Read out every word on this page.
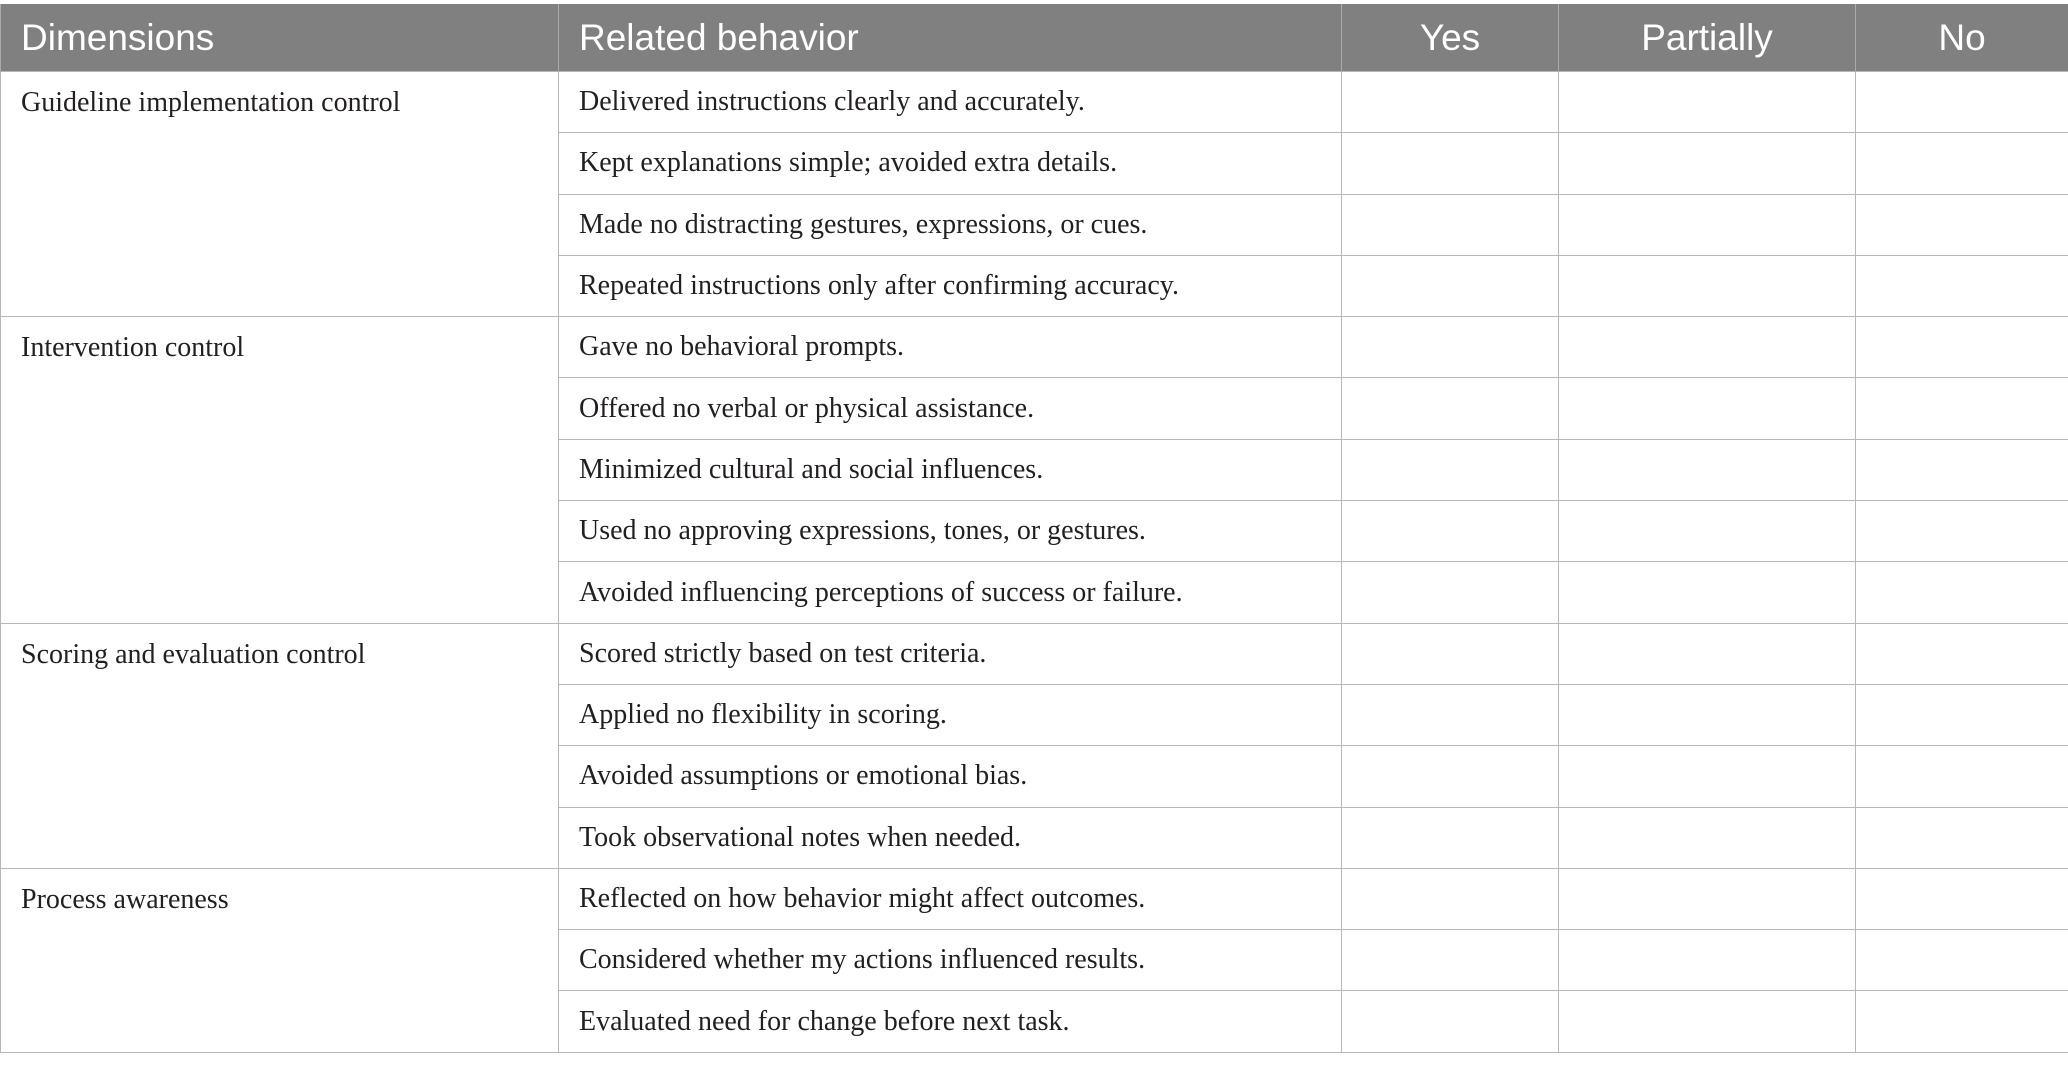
Dimensions	Related behavior	Yes	Partially	No
Guideline implementation control	Delivered instructions clearly and accurately.			
	Kept explanations simple; avoided extra details.			
	Made no distracting gestures, expressions, or cues.			
	Repeated instructions only after confirming accuracy.			
Intervention control	Gave no behavioral prompts.			
	Offered no verbal or physical assistance.			
	Minimized cultural and social influences.			
	Used no approving expressions, tones, or gestures.			
	Avoided influencing perceptions of success or failure.			
Scoring and evaluation control	Scored strictly based on test criteria.			
	Applied no flexibility in scoring.			
	Avoided assumptions or emotional bias.			
	Took observational notes when needed.			
Process awareness	Reflected on how behavior might affect outcomes.			
	Considered whether my actions influenced results.			
	Evaluated need for change before next task.			
